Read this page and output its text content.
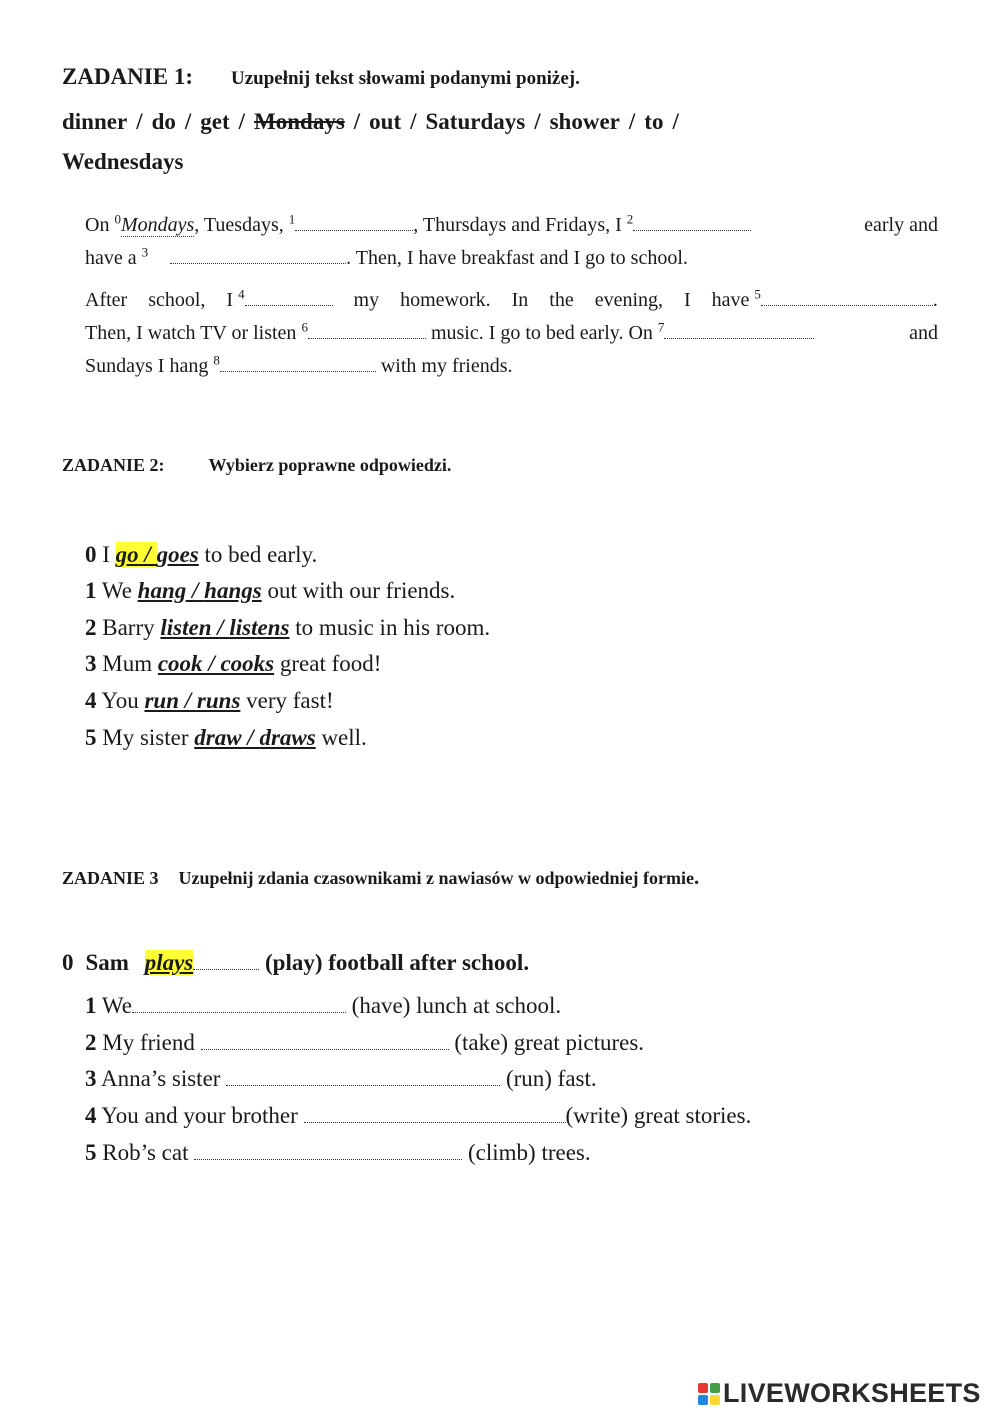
ZADANIE 1: Uzupełnij tekst słowami podanymi poniżej.
dinner / do / get / Mondays / out / Saturdays / shower / to /
Wednesdays
On $^0$Mondays, Tuesdays, $^1$	, Thursdays and Fridays, I $^2$	early and
have a $^3$	. Then, I have breakfast and I go to school.
After school, I $^4$	my homework. In the evening, I have $^5$	.
Then, I watch TV or listen $^6$	music. I go to bed early. On $^7$	and
Sundays I hang $^8$	with my friends.
ZADANIE 2: Wybierz poprawne odpowiedzi.
0 I go / goes to bed early.
1 We hang / hangs out with our friends.
2 Barry listen / listens to music in his room.
3 Mum cook / cooks great food!
4 You run / runs very fast!
5 My sister draw / draws well.
ZADANIE 3 Uzupełnij zdania czasownikami z nawiasów w odpowiedniej formie.
0 Sam plays	(play) football after school.
1 We	(have) lunch at school.
2 My friend	(take) great pictures.
3 Anna’s sister	(run) fast.
4 You and your brother	(write) great stories.
5 Rob’s cat	(climb) trees.
LIVEWORKSHEETS
